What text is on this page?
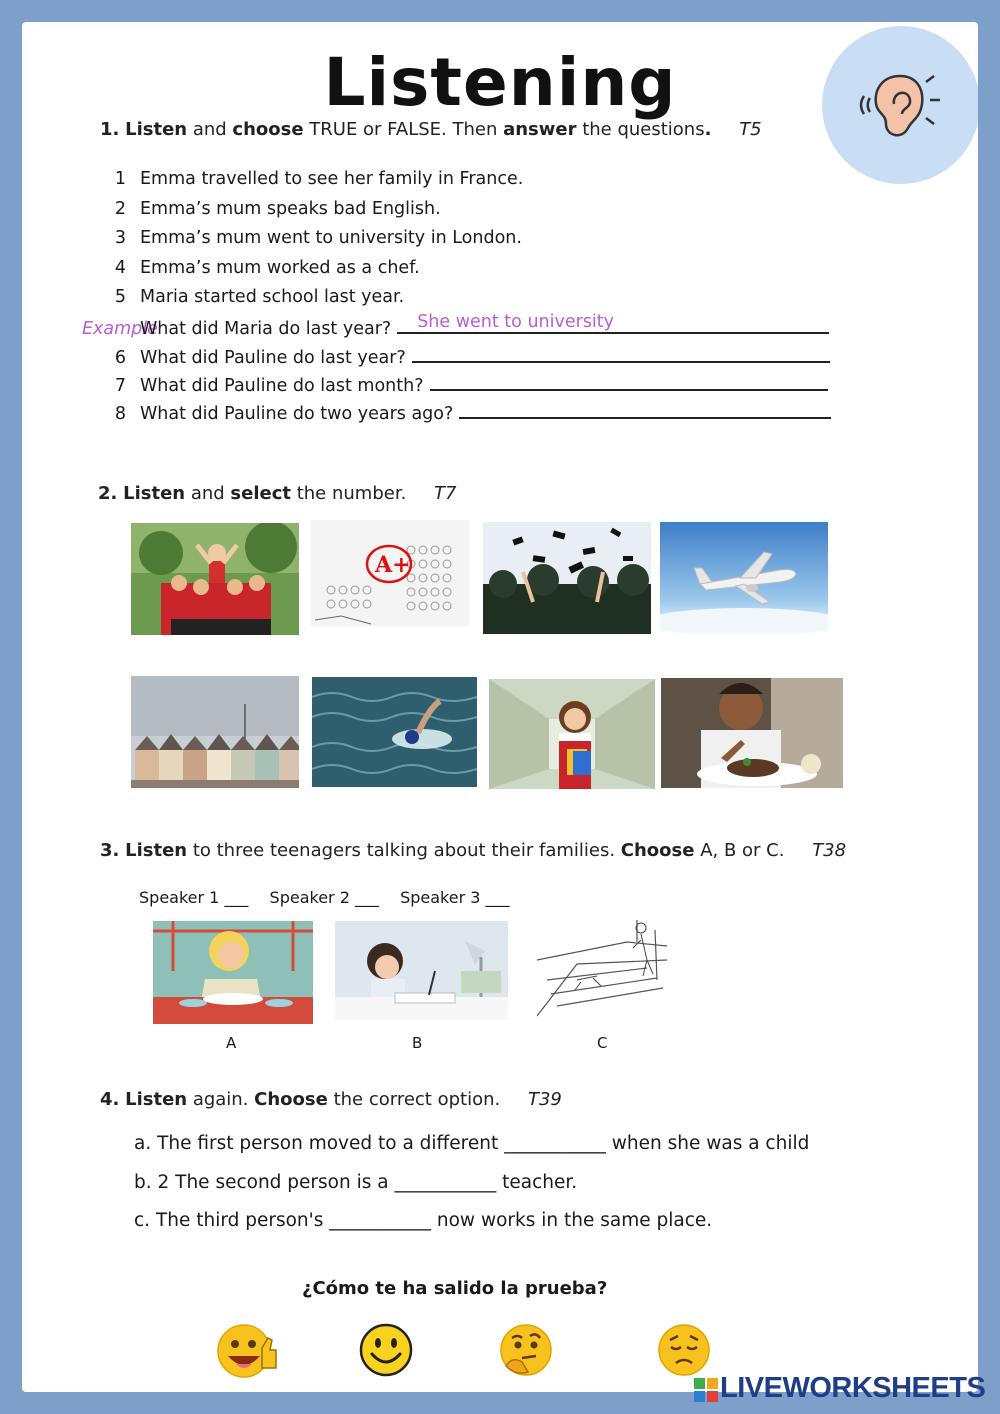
Listening
1. Listen and choose TRUE or FALSE. Then answer the questions. T5
1 Emma travelled to see her family in France.
2 Emma’s mum speaks bad English.
3 Emma’s mum went to university in London.
4 Emma’s mum worked as a chef.
5 Maria started school last year.
Example
What did Maria do last year? She went to university
6 What did Pauline do last year?
7 What did Pauline do last month?
8 What did Pauline do two years ago?
2. Listen and select the number. T7
A+
3. Listen to three teenagers talking about their families. Choose A, B or C. T38
Speaker 1 ___ Speaker 2 ___ Speaker 3 ___
A	B	C
4. Listen again. Choose the correct option. T39
a. The first person moved to a different ___________ when she was a child
b. 2 The second person is a ___________ teacher.
c. The third person's ___________ now works in the same place.
¿Cómo te ha salido la prueba?
LIVEWORKSHEETS
